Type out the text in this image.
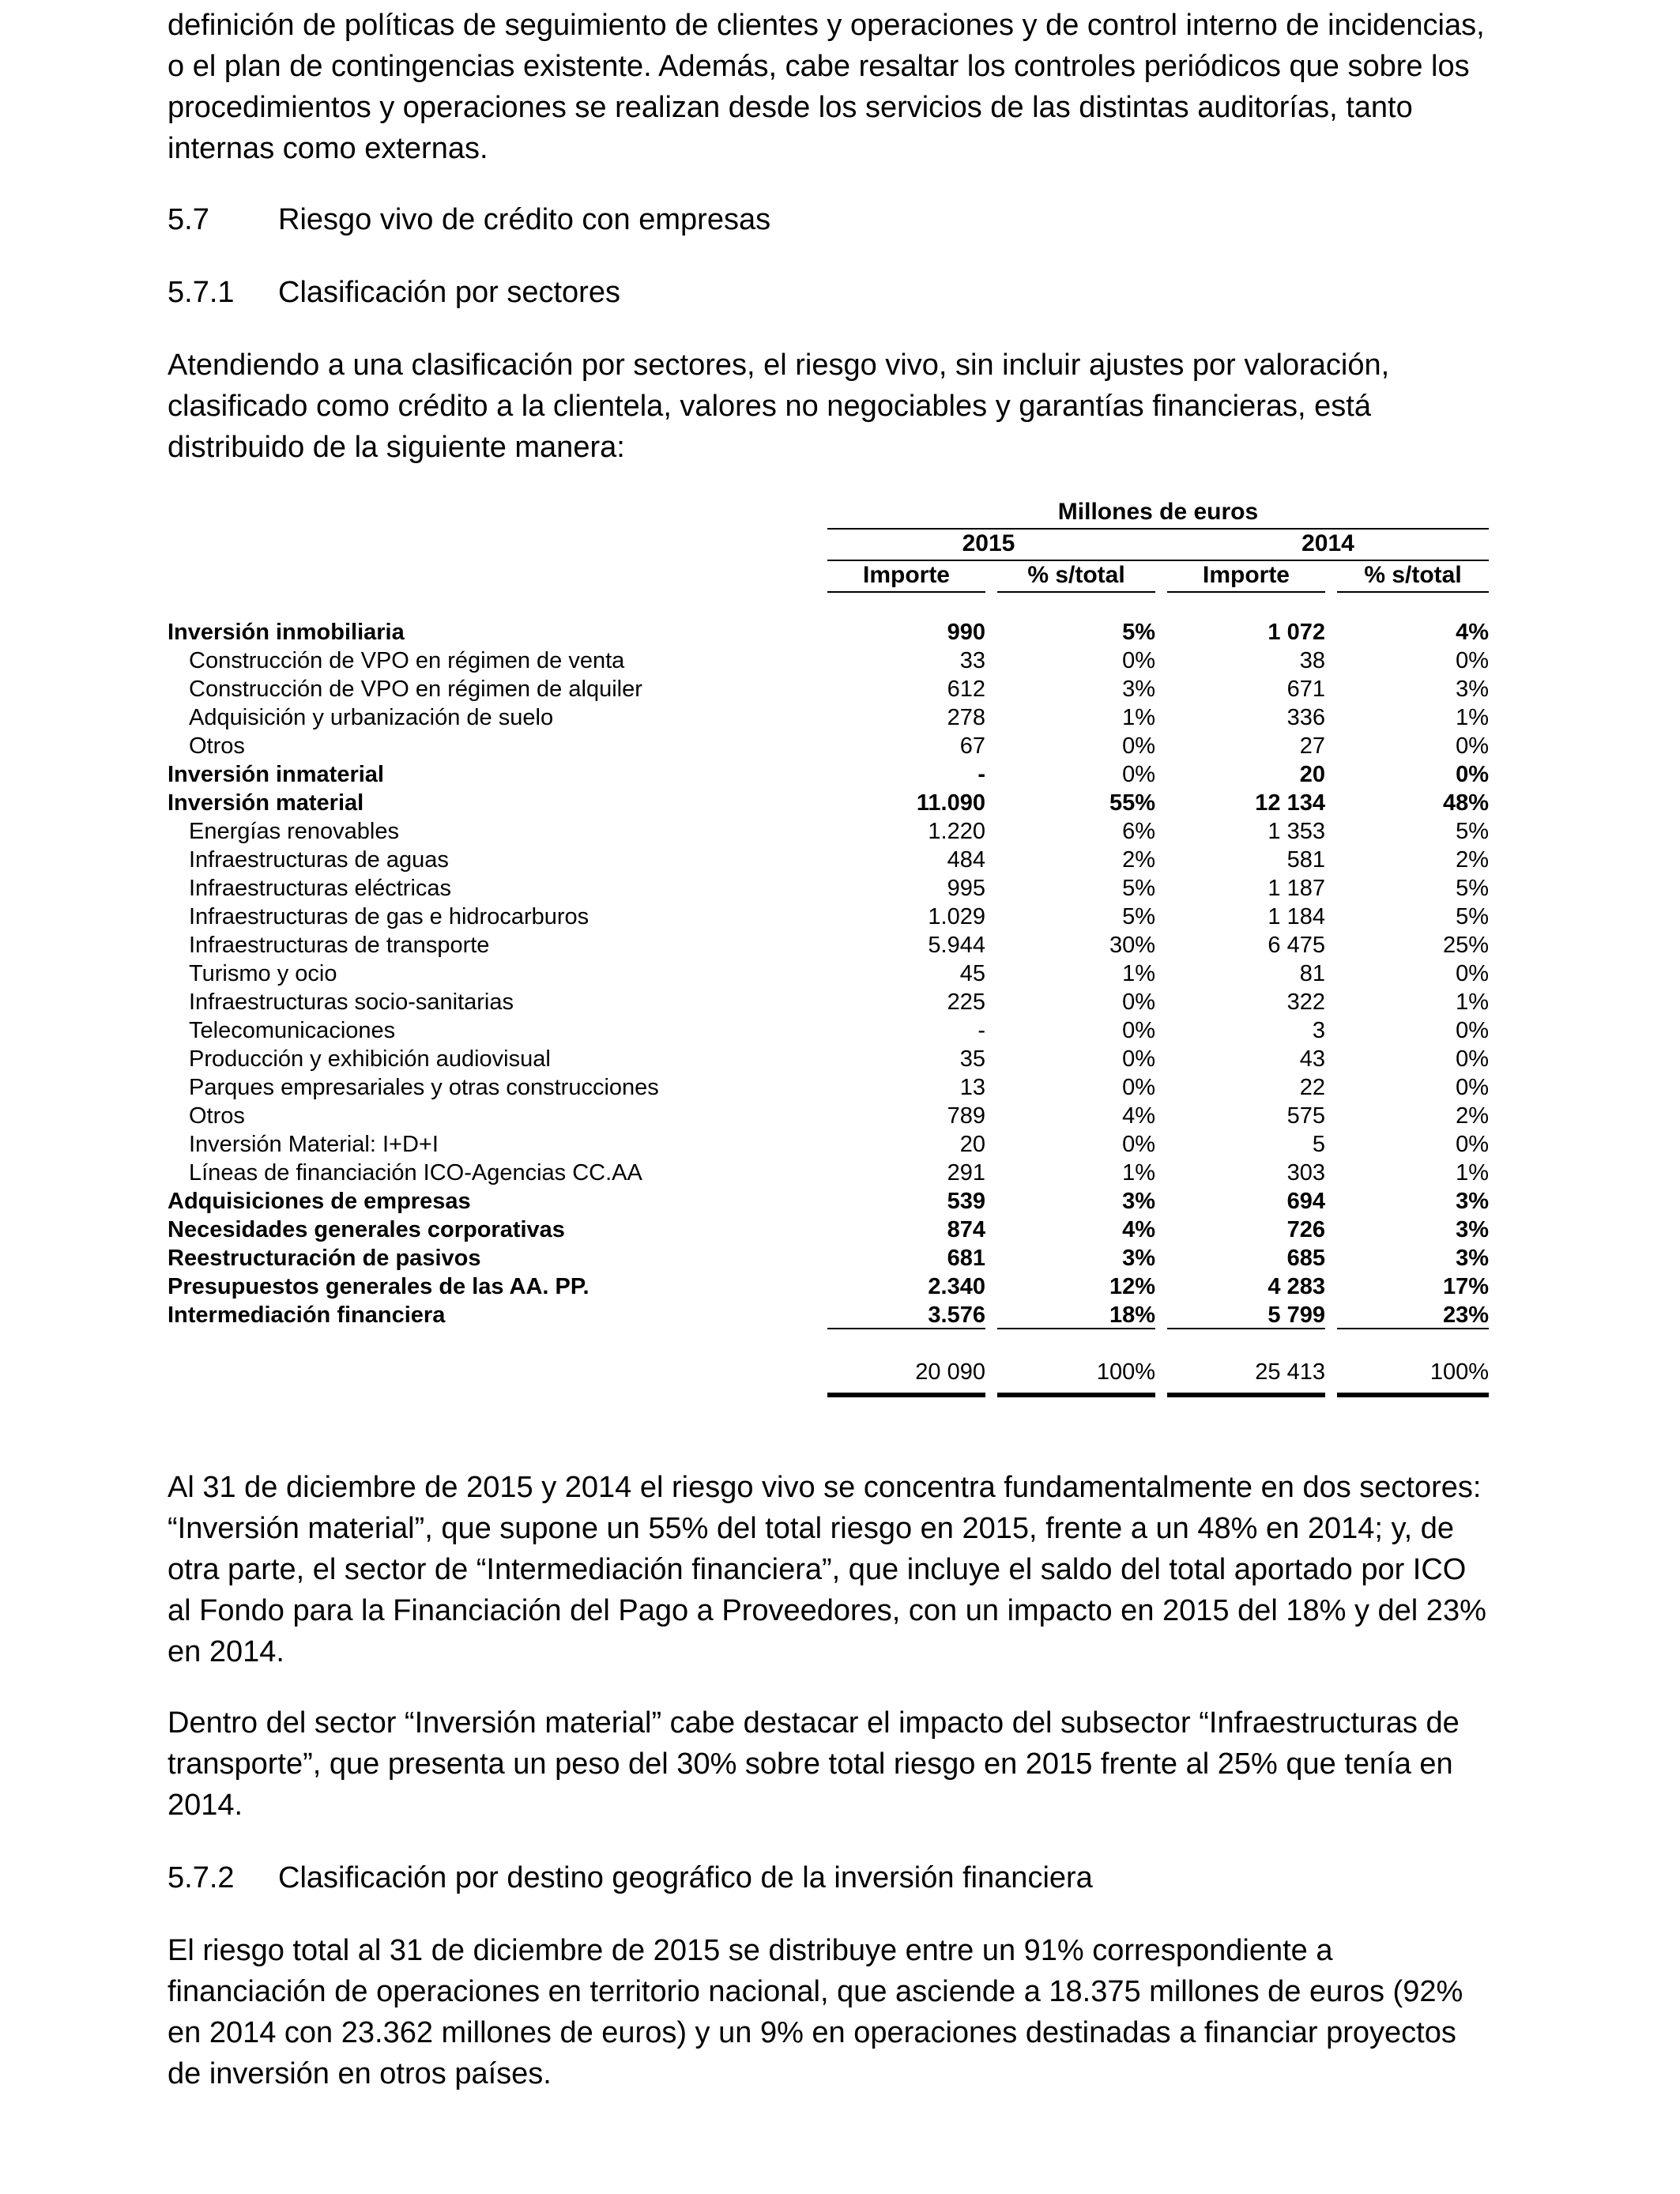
definición de políticas de seguimiento de clientes y operaciones y de control interno de incidencias, o el plan de contingencias existente. Además, cabe resaltar los controles periódicos que sobre los procedimientos y operaciones se realizan desde los servicios de las distintas auditorías, tanto internas como externas.

5.7 Riesgo vivo de crédito con empresas
5.7.1 Clasificación por sectores

Atendiendo a una clasificación por sectores, el riesgo vivo, sin incluir ajustes por valoración, clasificado como crédito a la clientela, valores no negociables y garantías financieras, está distribuido de la siguiente manera:

Millones de euros
2015	2014
Importe	% s/total	Importe	% s/total
Inversión inmobiliaria	990	5%	1 072	4%
Construcción de VPO en régimen de venta	33	0%	38	0%
Construcción de VPO en régimen de alquiler	612	3%	671	3%
Adquisición y urbanización de suelo	278	1%	336	1%
Otros	67	0%	27	0%
Inversión inmaterial	-	0%	20	0%
Inversión material	11.090	55%	12 134	48%
Energías renovables	1.220	6%	1 353	5%
Infraestructuras de aguas	484	2%	581	2%
Infraestructuras eléctricas	995	5%	1 187	5%
Infraestructuras de gas e hidrocarburos	1.029	5%	1 184	5%
Infraestructuras de transporte	5.944	30%	6 475	25%
Turismo y ocio	45	1%	81	0%
Infraestructuras socio-sanitarias	225	0%	322	1%
Telecomunicaciones	-	0%	3	0%
Producción y exhibición audiovisual	35	0%	43	0%
Parques empresariales y otras construcciones	13	0%	22	0%
Otros	789	4%	575	2%
Inversión Material: I+D+I	20	0%	5	0%
Líneas de financiación ICO-Agencias CC.AA	291	1%	303	1%
Adquisiciones de empresas	539	3%	694	3%
Necesidades generales corporativas	874	4%	726	3%
Reestructuración de pasivos	681	3%	685	3%
Presupuestos generales de las AA. PP.	2.340	12%	4 283	17%
Intermediación financiera	3.576	18%	5 799	23%
20 090	100%	25 413	100%

Al 31 de diciembre de 2015 y 2014 el riesgo vivo se concentra fundamentalmente en dos sectores: “Inversión material”, que supone un 55% del total riesgo en 2015, frente a un 48% en 2014; y, de otra parte, el sector de “Intermediación financiera”, que incluye el saldo del total aportado por ICO al Fondo para la Financiación del Pago a Proveedores, con un impacto en 2015 del 18% y del 23% en 2014.

Dentro del sector “Inversión material” cabe destacar el impacto del subsector “Infraestructuras de transporte”, que presenta un peso del 30% sobre total riesgo en 2015 frente al 25% que tenía en 2014.

5.7.2 Clasificación por destino geográfico de la inversión financiera

El riesgo total al 31 de diciembre de 2015 se distribuye entre un 91% correspondiente a financiación de operaciones en territorio nacional, que asciende a 18.375 millones de euros (92% en 2014 con 23.362 millones de euros) y un 9% en operaciones destinadas a financiar proyectos de inversión en otros países.
